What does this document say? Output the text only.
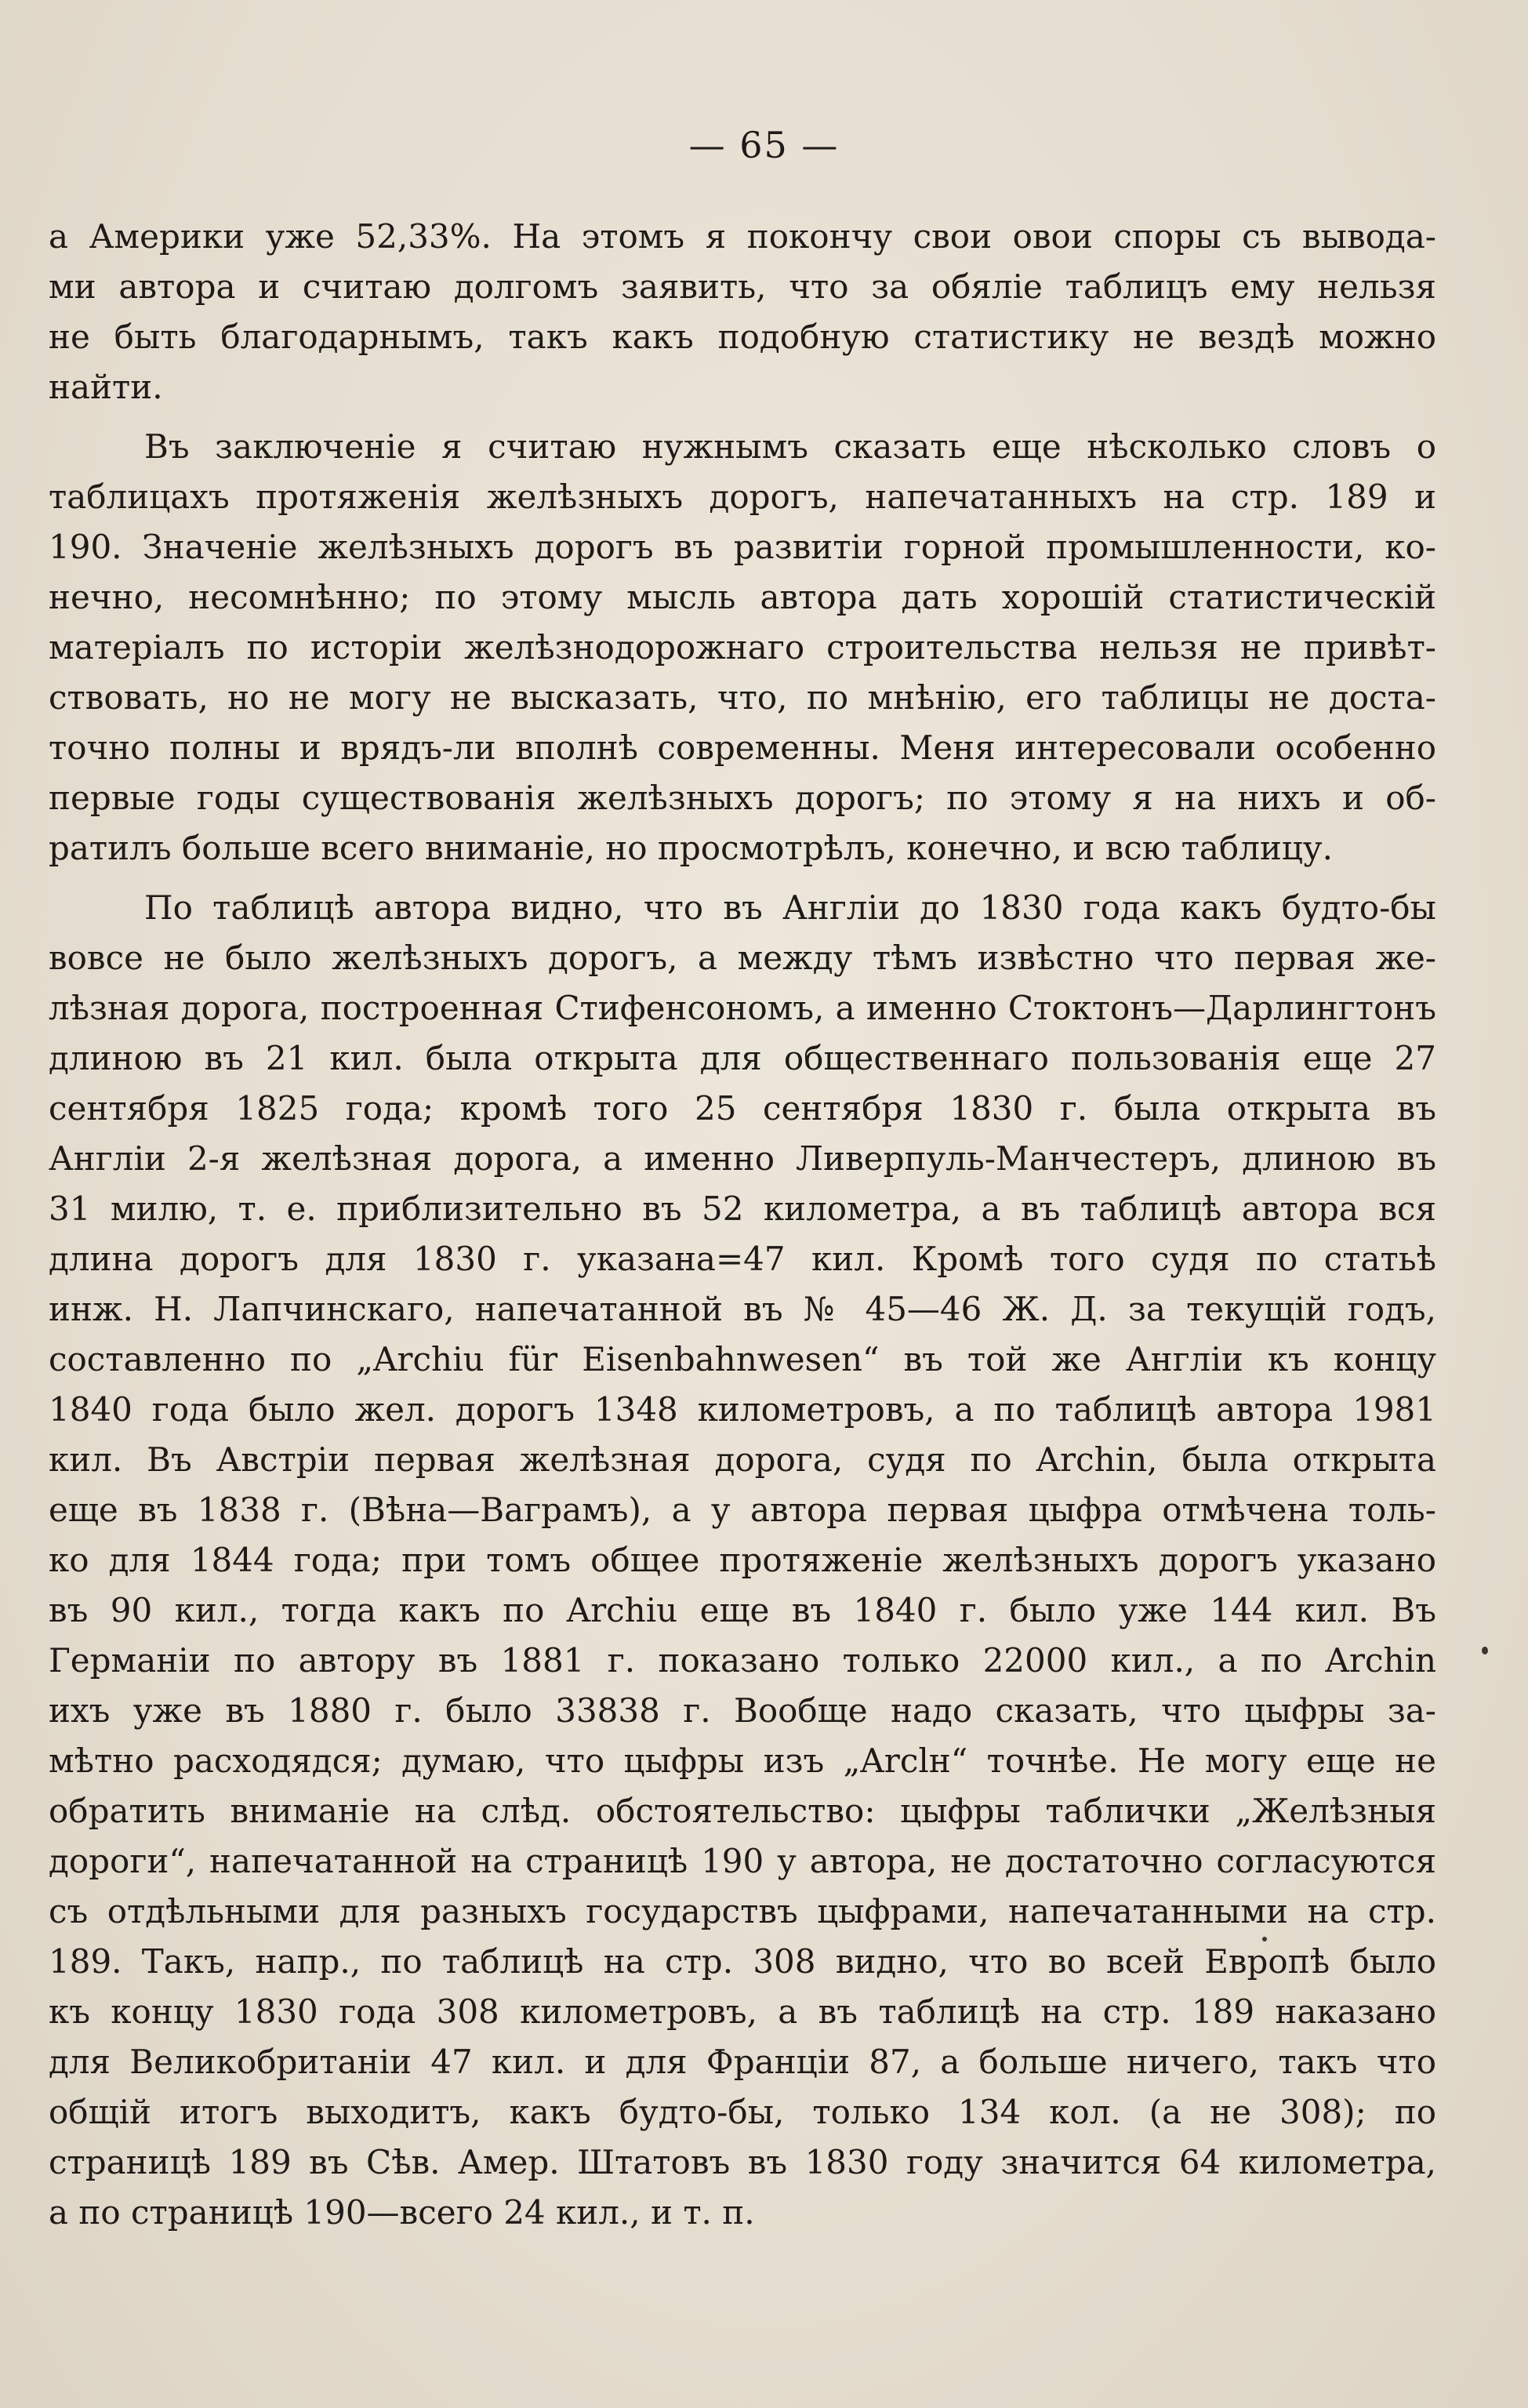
— 65 —
а Америки уже 52,33%. На этомъ я покончу свои овои споры съ вывода-
ми автора и считаю долгомъ заявить, что за обяліе таблицъ ему нельзя
не быть благодарнымъ, такъ какъ подобную статистику не вездѣ можно
найти.
Въ заключеніе я считаю нужнымъ сказать еще нѣсколько словъ о
таблицахъ протяженія желѣзныхъ дорогъ, напечатанныхъ на стр. 189 и
190. Значеніе желѣзныхъ дорогъ въ развитіи горной промышленности, ко-
нечно, несомнѣнно; по этому мысль автора дать хорошій статистическій
матеріалъ по исторіи желѣзнодорожнаго строительства нельзя не привѣт-
ствовать, но не могу не высказать, что, по мнѣнію, его таблицы не доста-
точно полны и врядъ-ли вполнѣ современны. Меня интересовали особенно
первые годы существованія желѣзныхъ дорогъ; по этому я на нихъ и об-
ратилъ больше всего вниманіе, но просмотрѣлъ, конечно, и всю таблицу.
По таблицѣ автора видно, что въ Англіи до 1830 года какъ будто-бы
вовсе не было желѣзныхъ дорогъ, а между тѣмъ извѣстно что первая же-
лѣзная дорога, построенная Стифенсономъ, а именно Стоктонъ—Дарлингтонъ
длиною въ 21 кил. была открыта для общественнаго пользованія еще 27
сентября 1825 года; кромѣ того 25 сентября 1830 г. была открыта въ
Англіи 2-я желѣзная дорога, а именно Ливерпуль-Манчестеръ, длиною въ
31 милю, т. е. приблизительно въ 52 километра, а въ таблицѣ автора вся
длина дорогъ для 1830 г. указана=47 кил. Кромѣ того судя по статьѣ
инж. Н. Лапчинскаго, напечатанной въ № 45—46 Ж. Д. за текущій годъ,
составленно по „Archiu für Eisenbahnwesen“ въ той же Англіи къ концу
1840 года было жел. дорогъ 1348 километровъ, а по таблицѣ автора 1981
кил. Въ Австріи первая желѣзная дорога, судя по Archin, была открыта
еще въ 1838 г. (Вѣна—Ваграмъ), а у автора первая цыфра отмѣчена толь-
ко для 1844 года; при томъ общее протяженіе желѣзныхъ дорогъ указано
въ 90 кил., тогда какъ по Archiu еще въ 1840 г. было уже 144 кил. Въ
Германіи по автору въ 1881 г. показано только 22000 кил., а по Archin
ихъ уже въ 1880 г. было 33838 г. Вообще надо сказать, что цыфры за-
мѣтно расходядся; думаю, что цыфры изъ „Arclн“ точнѣе. Не могу еще не
обратить вниманіе на слѣд. обстоятельство: цыфры таблички „Желѣзныя
дороги“, напечатанной на страницѣ 190 у автора, не достаточно согласуются
съ отдѣльными для разныхъ государствъ цыфрами, напечатанными на стр.
189. Такъ, напр., по таблицѣ на стр. 308 видно, что во всей Европѣ было
къ концу 1830 года 308 километровъ, а въ таблицѣ на стр. 189 наказано
для Великобританіи 47 кил. и для Франціи 87, а больше ничего, такъ что
общій итогъ выходитъ, какъ будто-бы, только 134 кол. (а не 308); по
страницѣ 189 въ Сѣв. Амер. Штатовъ въ 1830 году значится 64 километра,
а по страницѣ 190—всего 24 кил., и т. п.
